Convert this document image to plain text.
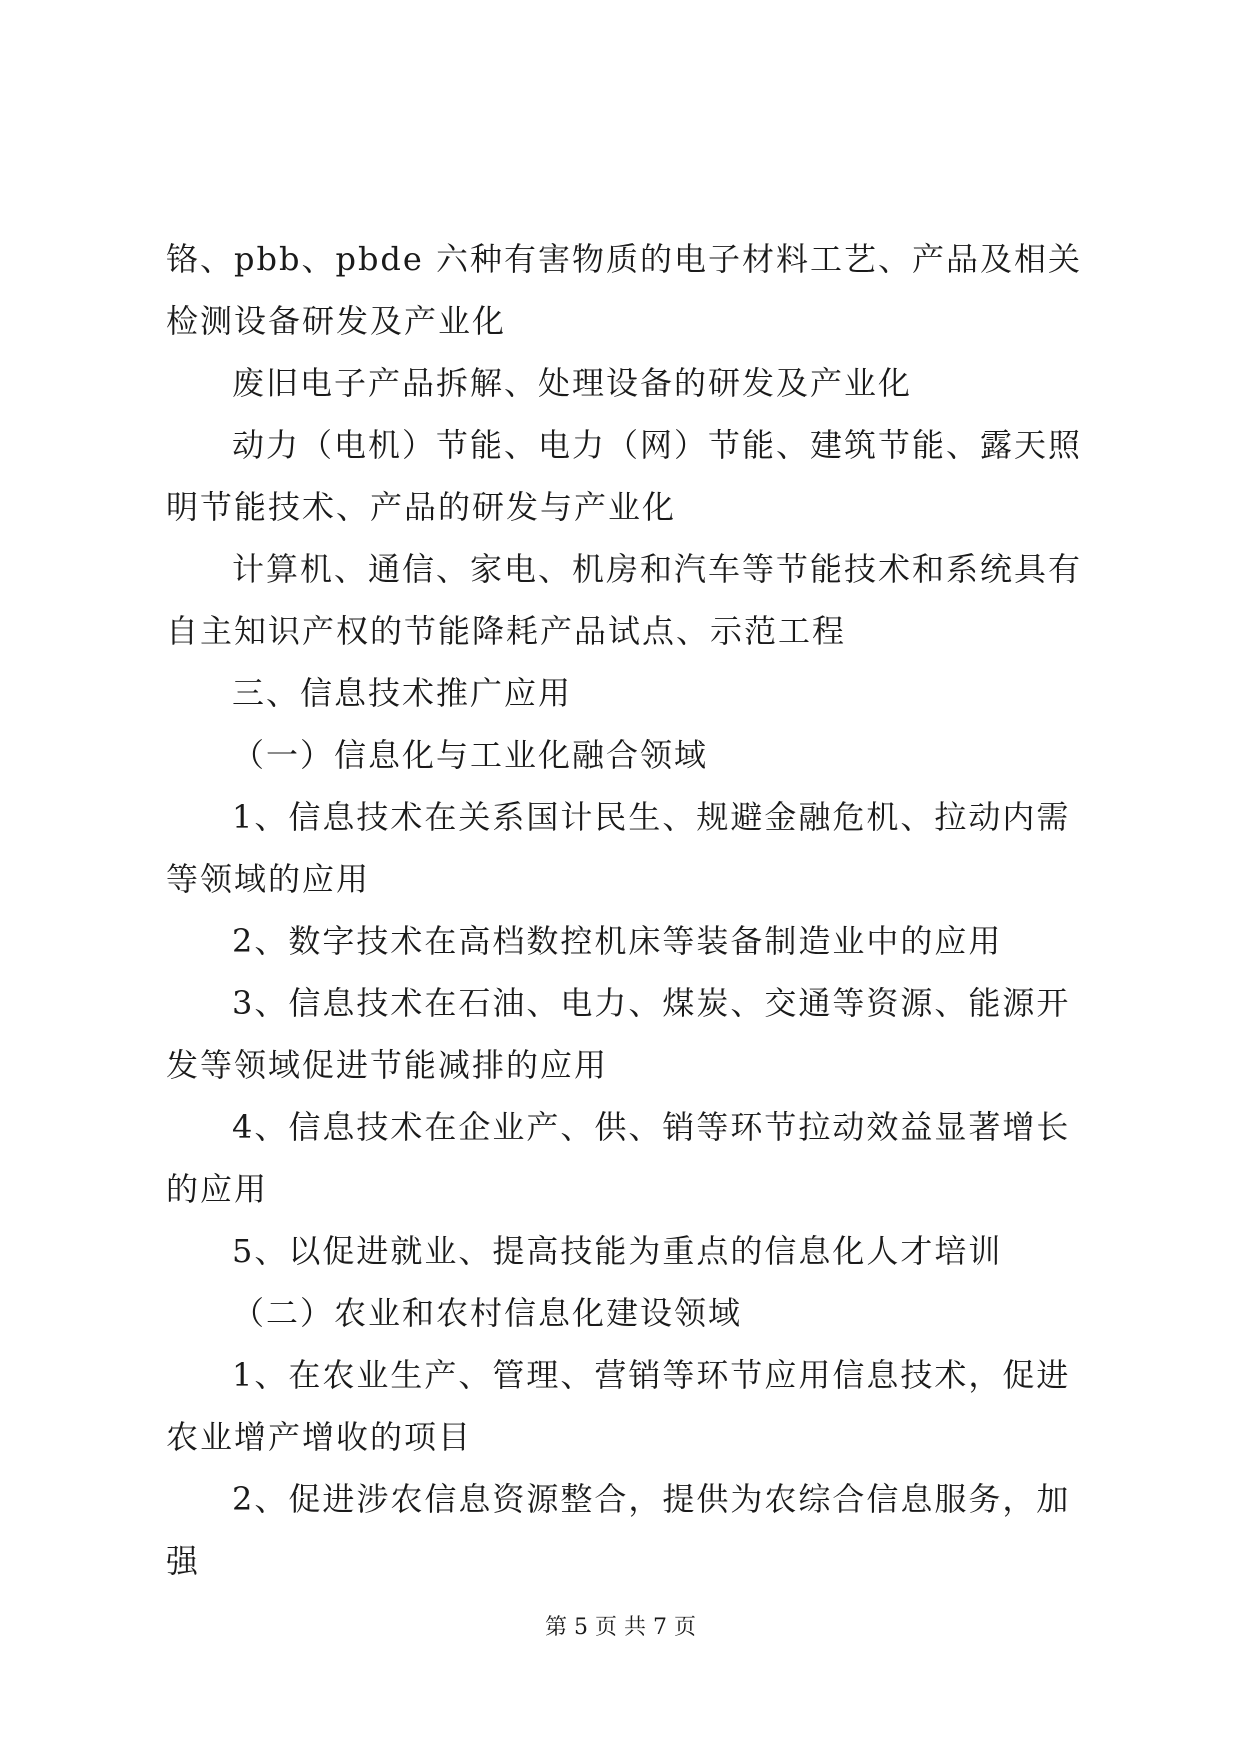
铬、pbb、pbde 六种有害物质的电子材料工艺、产品及相关检测设备研发及产业化

废旧电子产品拆解、处理设备的研发及产业化

动力（电机）节能、电力（网）节能、建筑节能、露天照明节能技术、产品的研发与产业化

计算机、通信、家电、机房和汽车等节能技术和系统具有自主知识产权的节能降耗产品试点、示范工程

三、信息技术推广应用

（一）信息化与工业化融合领域

1、信息技术在关系国计民生、规避金融危机、拉动内需等领域的应用

2、数字技术在高档数控机床等装备制造业中的应用

3、信息技术在石油、电力、煤炭、交通等资源、能源开发等领域促进节能减排的应用

4、信息技术在企业产、供、销等环节拉动效益显著增长的应用

5、以促进就业、提高技能为重点的信息化人才培训

（二）农业和农村信息化建设领域

1、在农业生产、管理、营销等环节应用信息技术，促进农业增产增收的项目

2、促进涉农信息资源整合，提供为农综合信息服务，加强

第 5 页 共 7 页
